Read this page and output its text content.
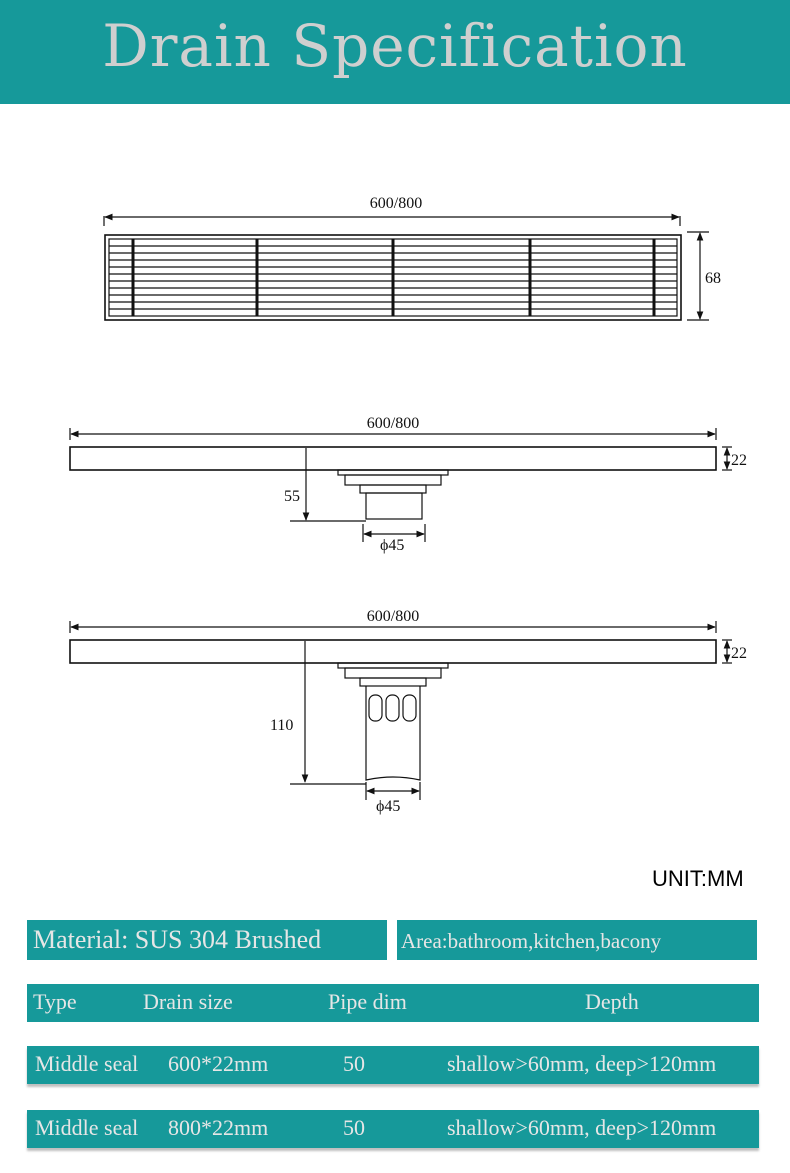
Drain Specification
600/800
68
600/800
22
55
ϕ45
600/800
22
110
ϕ45
UNIT:MM
Material: SUS 304 Brushed	Area:bathroom,kitchen,bacony
Type	Drain size	Pipe dim	Depth
Middle seal 600*22mm	50	shallow>60mm, deep>120mm
Middle seal 800*22mm	50	shallow>60mm, deep>120mm
